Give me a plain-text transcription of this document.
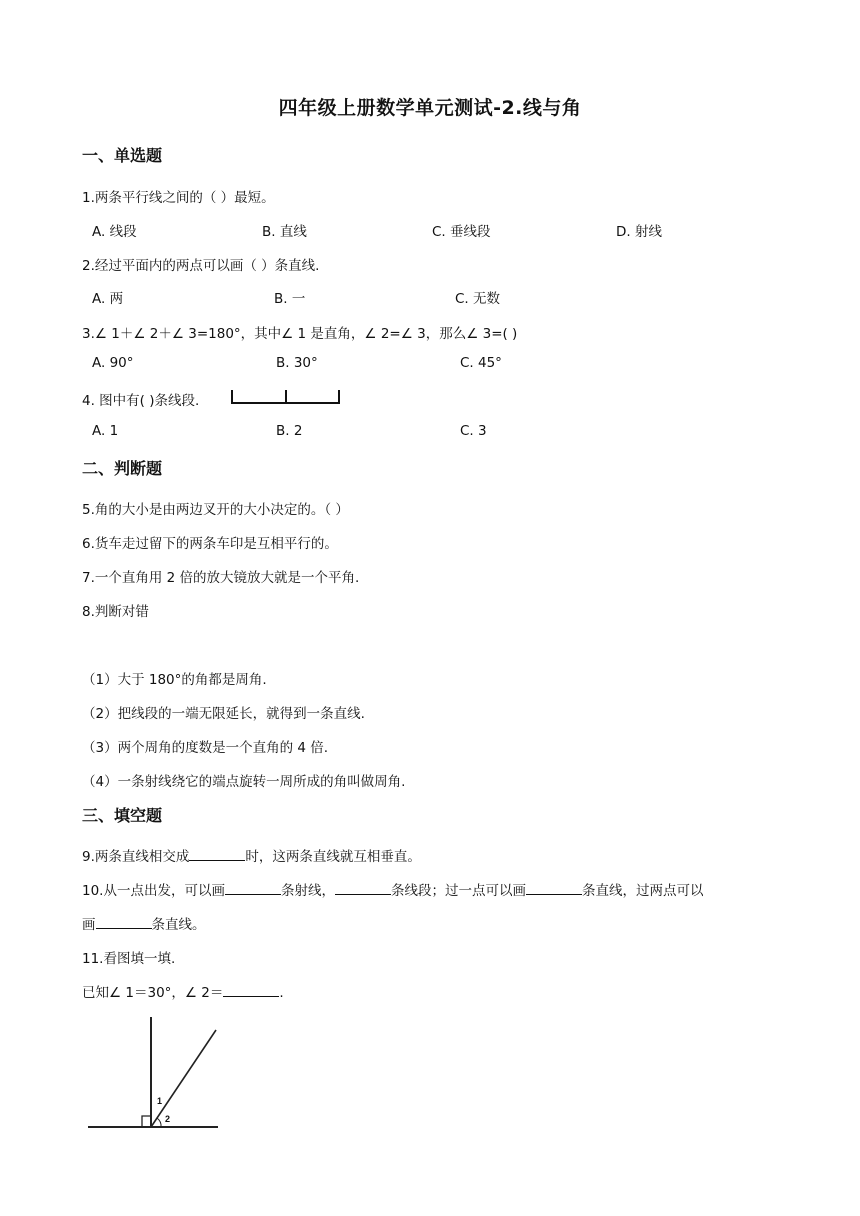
四年级上册数学单元测试-2.线与角
一、单选题
1.两条平行线之间的（ ）最短。
A. 线段	B. 直线	C. 垂线段	D. 射线
2.经过平面内的两点可以画（ ）条直线.
A. 两	B. 一	C. 无数
3.∠ 1＋∠ 2＋∠ 3=180°，其中∠ 1 是直角，∠ 2=∠ 3，那么∠ 3=( )
A. 90°	B. 30°	C. 45°
4. 图中有( )条线段.
A. 1	B. 2	C. 3
二、判断题
5.角的大小是由两边叉开的大小决定的。（ ）
6.货车走过留下的两条车印是互相平行的。
7.一个直角用 2 倍的放大镜放大就是一个平角.
8.判断对错
（1）大于 180°的角都是周角.
（2）把线段的一端无限延长，就得到一条直线.
（3）两个周角的度数是一个直角的 4 倍.
（4）一条射线绕它的端点旋转一周所成的角叫做周角.
三、填空题
9.两条直线相交成	时，这两条直线就互相垂直。
10.从一点出发，可以画	条射线，	条线段；过一点可以画	条直线，过两点可以
画	条直线。
11.看图填一填.
已知∠ 1＝30°，∠ 2＝	.
1
2
